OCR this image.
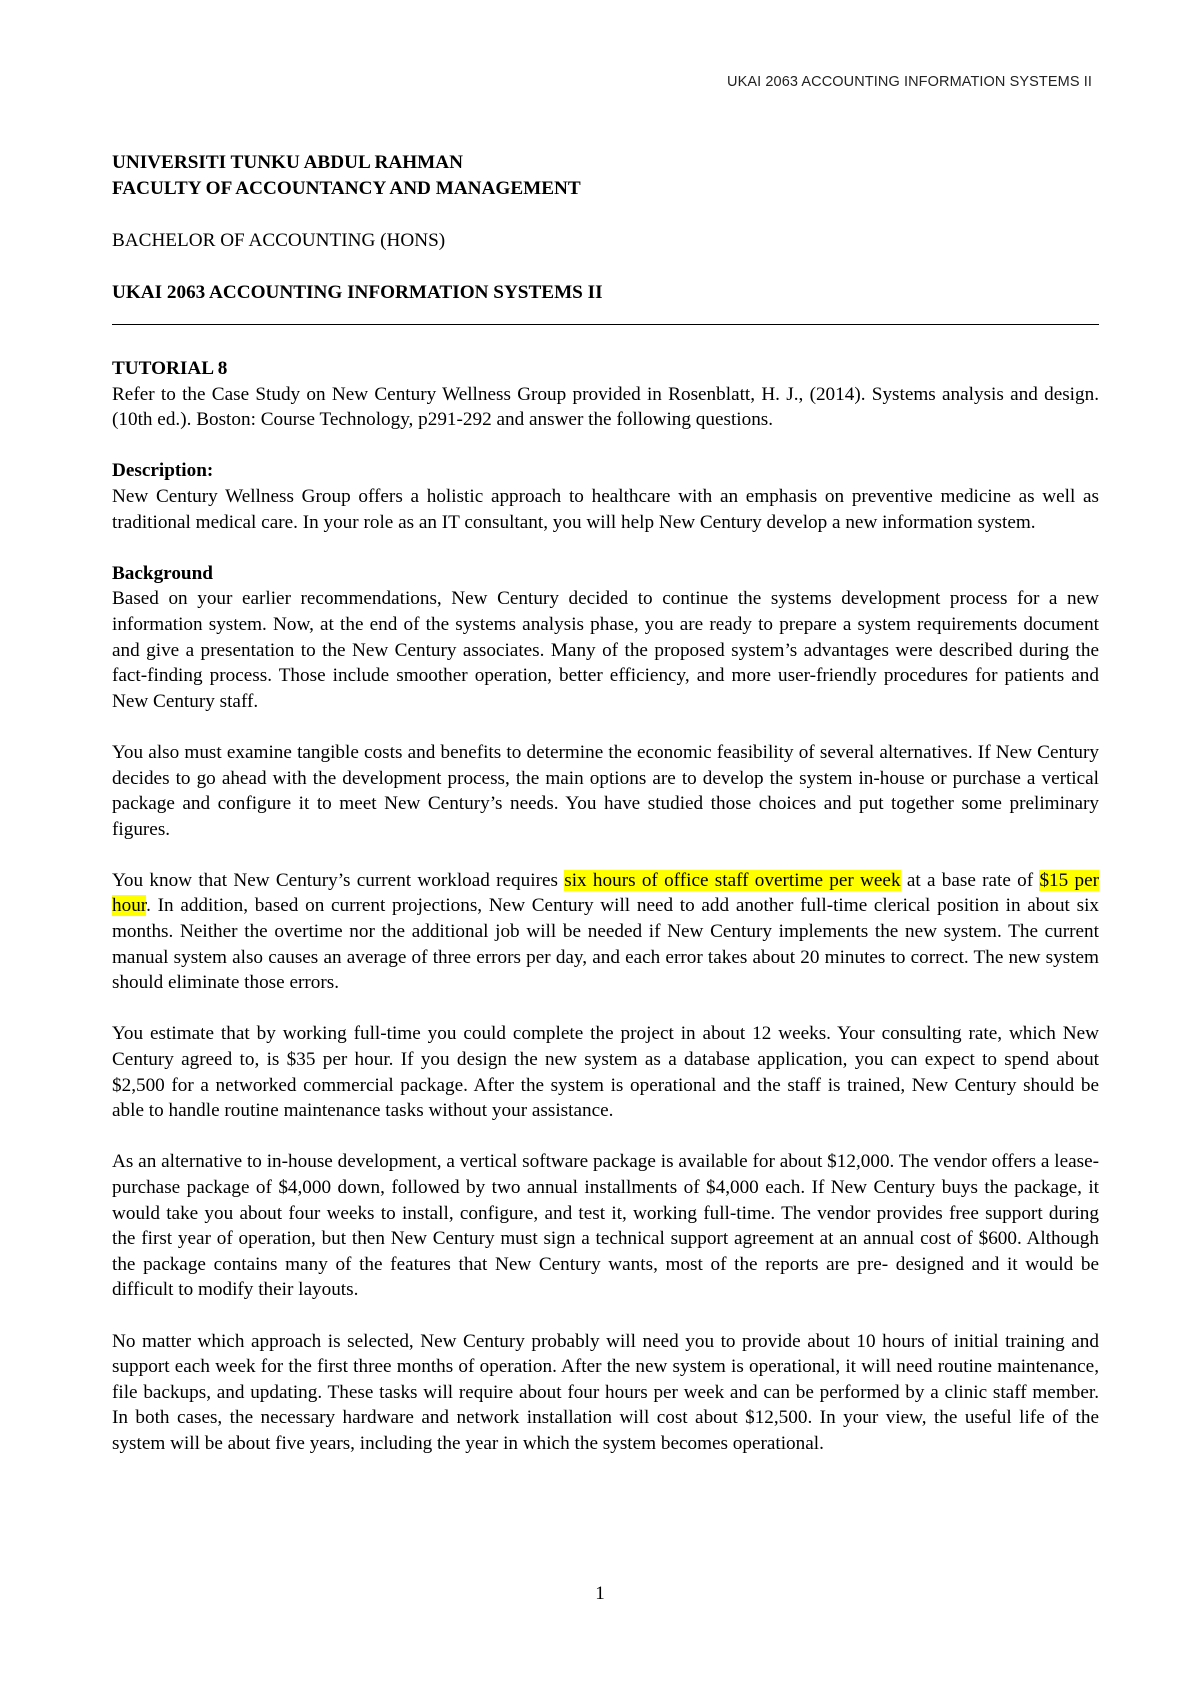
UKAI 2063 ACCOUNTING INFORMATION SYSTEMS II

UNIVERSITI TUNKU ABDUL RAHMAN

FACULTY OF ACCOUNTANCY AND MANAGEMENT

BACHELOR OF ACCOUNTING (HONS)

UKAI 2063 ACCOUNTING INFORMATION SYSTEMS II

TUTORIAL 8

Refer to the Case Study on New Century Wellness Group provided in Rosenblatt, H. J., (2014). Systems analysis and design. (10th ed.). Boston: Course Technology, p291-292 and answer the following questions.

Description:

New Century Wellness Group offers a holistic approach to healthcare with an emphasis on preventive medicine as well as traditional medical care. In your role as an IT consultant, you will help New Century develop a new information system.

Background

Based on your earlier recommendations, New Century decided to continue the systems development process for a new information system. Now, at the end of the systems analysis phase, you are ready to prepare a system requirements document and give a presentation to the New Century associates. Many of the proposed system’s advantages were described during the fact-finding process. Those include smoother operation, better efficiency, and more user-friendly procedures for patients and New Century staff.

You also must examine tangible costs and benefits to determine the economic feasibility of several alternatives. If New Century decides to go ahead with the development process, the main options are to develop the system in-house or purchase a vertical package and configure it to meet New Century’s needs. You have studied those choices and put together some preliminary figures.

You know that New Century’s current workload requires six hours of office staff overtime per week at a base rate of $15 per hour. In addition, based on current projections, New Century will need to add another full-time clerical position in about six months. Neither the overtime nor the additional job will be needed if New Century implements the new system. The current manual system also causes an average of three errors per day, and each error takes about 20 minutes to correct. The new system should eliminate those errors.

You estimate that by working full-time you could complete the project in about 12 weeks. Your consulting rate, which New Century agreed to, is $35 per hour. If you design the new system as a database application, you can expect to spend about $2,500 for a networked commercial package. After the system is operational and the staff is trained, New Century should be able to handle routine maintenance tasks without your assistance.

As an alternative to in-house development, a vertical software package is available for about $12,000. The vendor offers a lease-purchase package of $4,000 down, followed by two annual installments of $4,000 each. If New Century buys the package, it would take you about four weeks to install, configure, and test it, working full-time. The vendor provides free support during the first year of operation, but then New Century must sign a technical support agreement at an annual cost of $600. Although the package contains many of the features that New Century wants, most of the reports are pre- designed and it would be difficult to modify their layouts.

No matter which approach is selected, New Century probably will need you to provide about 10 hours of initial training and support each week for the first three months of operation. After the new system is operational, it will need routine maintenance, file backups, and updating. These tasks will require about four hours per week and can be performed by a clinic staff member. In both cases, the necessary hardware and network installation will cost about $12,500. In your view, the useful life of the system will be about five years, including the year in which the system becomes operational.

1
